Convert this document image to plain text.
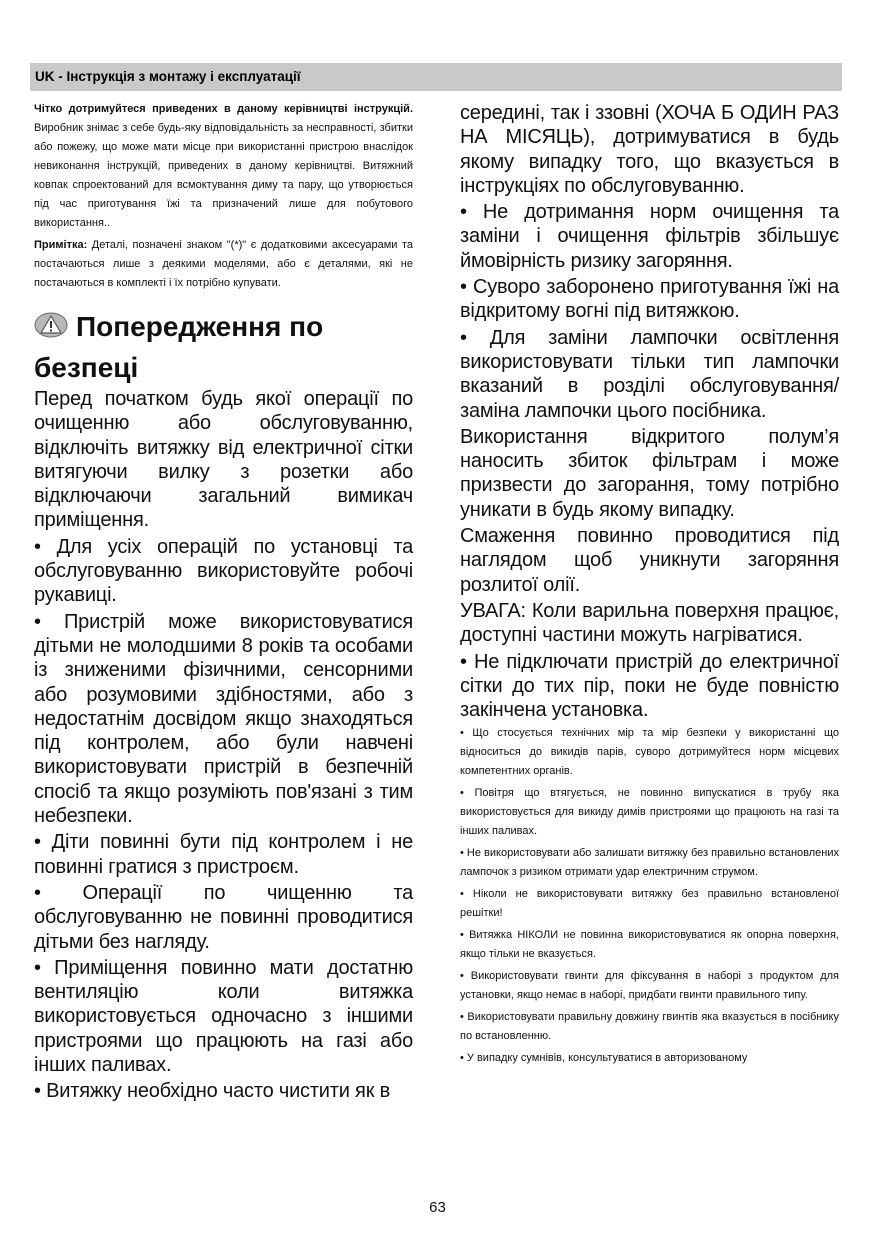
UK - Інструкція з монтажу і експлуатації

Чітко дотримуйтеся приведених в даному керівництві інструкцій. Виробник знімає з себе будь-яку відповідальність за несправності, збитки або пожежу, що може мати місце при використанні пристрою внаслідок невиконання інструкцій, приведених в даному керівництві. Витяжний ковпак спроектований для всмоктування диму та пару, що утворюється під час приготування їжі та призначений лише для побутового використання..

Примітка: Деталі, позначені знаком "(*)" є додатковими аксесуарами та постачаються лише з деякими моделями, або є деталями, які не постачаються в комплекті і їх потрібно купувати.

Попередження по безпеці

Перед початком будь якої операції по очищенню або обслуговуванню, відключіть витяжку від електричної сітки витягуючи вилку з розетки або відключаючи загальний вимикач приміщення.

• Для усіх операцій по установці та обслуговуванню використовуйте робочі рукавиці.

• Пристрій може використовуватися дітьми не молодшими 8 років та особами із зниженими фізичними, сенсорними або розумовими здібностями, або з недостатнім досвідом якщо знаходяться під контролем, або були навчені використовувати пристрій в безпечній спосіб та якщо розуміють пов'язані з тим небезпеки.

• Діти повинні бути під контролем і не повинні гратися з пристроєм.

• Операції по чищенню та обслуговуванню не повинні проводитися дітьми без нагляду.

• Приміщення повинно мати достатню вентиляцію коли витяжка використовується одночасно з іншими пристроями що працюють на газі або інших паливах.

• Витяжку необхідно часто чистити як в

середині, так і ззовні (ХОЧА Б ОДИН РАЗ НА МІСЯЦЬ), дотримуватися в будь якому випадку того, що вказується в інструкціях по обслуговуванню.

• Не дотримання норм очищення та заміни і очищення фільтрів збільшує ймовірність ризику загоряння.

• Суворо заборонено приготування їжі на відкритому вогні під витяжкою.

• Для заміни лампочки освітлення використовувати тільки тип лампочки вказаний в розділі обслуговування/заміна лампочки цього посібника.

Використання відкритого полум’я наносить збиток фільтрам і може призвести до загорання, тому потрібно уникати в будь якому випадку.

Смаження повинно проводитися під наглядом щоб уникнути загоряння розлитої олії.

УВАГА: Коли варильна поверхня працює, доступні частини можуть нагріватися.

• Не підключати пристрій до електричної сітки до тих пір, поки не буде повністю закінчена установка.

• Що стосується технічних мір та мір безпеки у використанні що відноситься до викидів парів, суворо дотримуйтеся норм місцевих компетентних органів.

• Повітря що втягується, не повинно випускатися в трубу яка використовується для викиду димів пристроями що працюють на газі та інших паливах.

• Не використовувати або залишати витяжку без правильно встановлених лампочок з ризиком отримати удар електричним струмом.

• Ніколи не використовувати витяжку без правильно встановленої решітки!

• Витяжка НІКОЛИ не повинна використовуватися як опорна поверхня, якщо тільки не вказується.

• Використовувати гвинти для фіксування в наборі з продуктом для установки, якщо немає в наборі, придбати гвинти правильного типу.

• Використовувати правильну довжину гвинтів яка вказується в посібнику по встановленню.

• У випадку сумнівів, консультуватися в авторизованому

63
